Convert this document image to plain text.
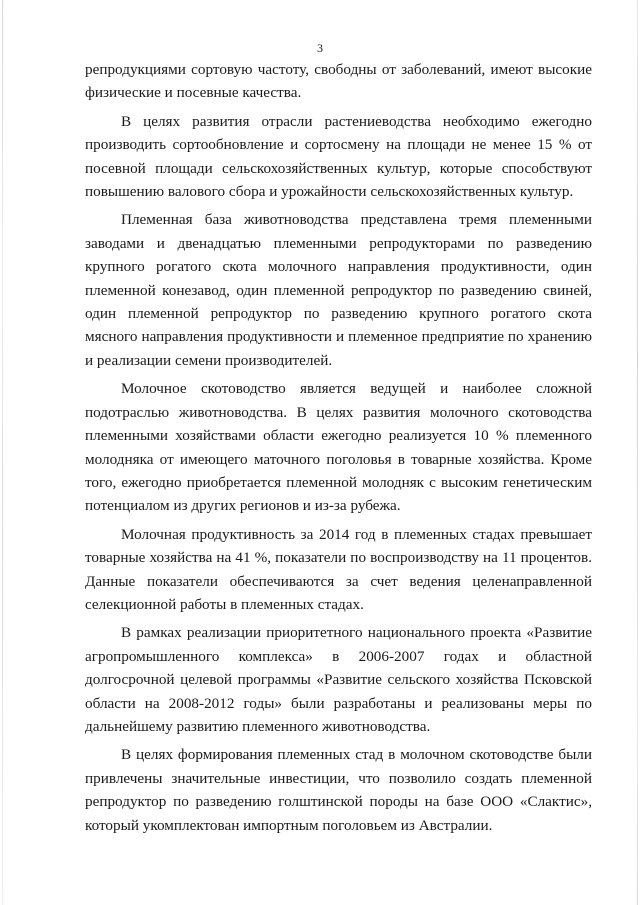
3

репродукциями сортовую частоту, свободны от заболеваний, имеют высокие физические и посевные качества.

В целях развития отрасли растениеводства необходимо ежегодно производить сортообновление и сортосмену на площади не менее 15 % от посевной площади сельскохозяйственных культур, которые способствуют повышению валового сбора и урожайности сельскохозяйственных культур.

Племенная база животноводства представлена тремя племенными заводами и двенадцатью племенными репродукторами по разведению крупного рогатого скота молочного направления продуктивности, один племенной конезавод, один племенной репродуктор по разведению свиней, один племенной репродуктор по разведению крупного рогатого скота мясного направления продуктивности и племенное предприятие по хранению и реализации семени производителей.

Молочное скотоводство является ведущей и наиболее сложной подотраслью животноводства. В целях развития молочного скотоводства племенными хозяйствами области ежегодно реализуется 10 % племенного молодняка от имеющего маточного поголовья в товарные хозяйства. Кроме того, ежегодно приобретается племенной молодняк с высоким генетическим потенциалом из других регионов и из-за рубежа.

Молочная продуктивность за 2014 год в племенных стадах превышает товарные хозяйства на 41 %, показатели по воспроизводству на 11 процентов. Данные показатели обеспечиваются за счет ведения целенаправленной селекционной работы в племенных стадах.

В рамках реализации приоритетного национального проекта «Развитие агропромышленного комплекса» в 2006-2007 годах и областной долгосрочной целевой программы «Развитие сельского хозяйства Псковской области на 2008-2012 годы» были разработаны и реализованы меры по дальнейшему развитию племенного животноводства.

В целях формирования племенных стад в молочном скотоводстве были привлечены значительные инвестиции, что позволило создать племенной репродуктор по разведению голштинской породы на базе ООО «Слактис», который укомплектован импортным поголовьем из Австралии.
